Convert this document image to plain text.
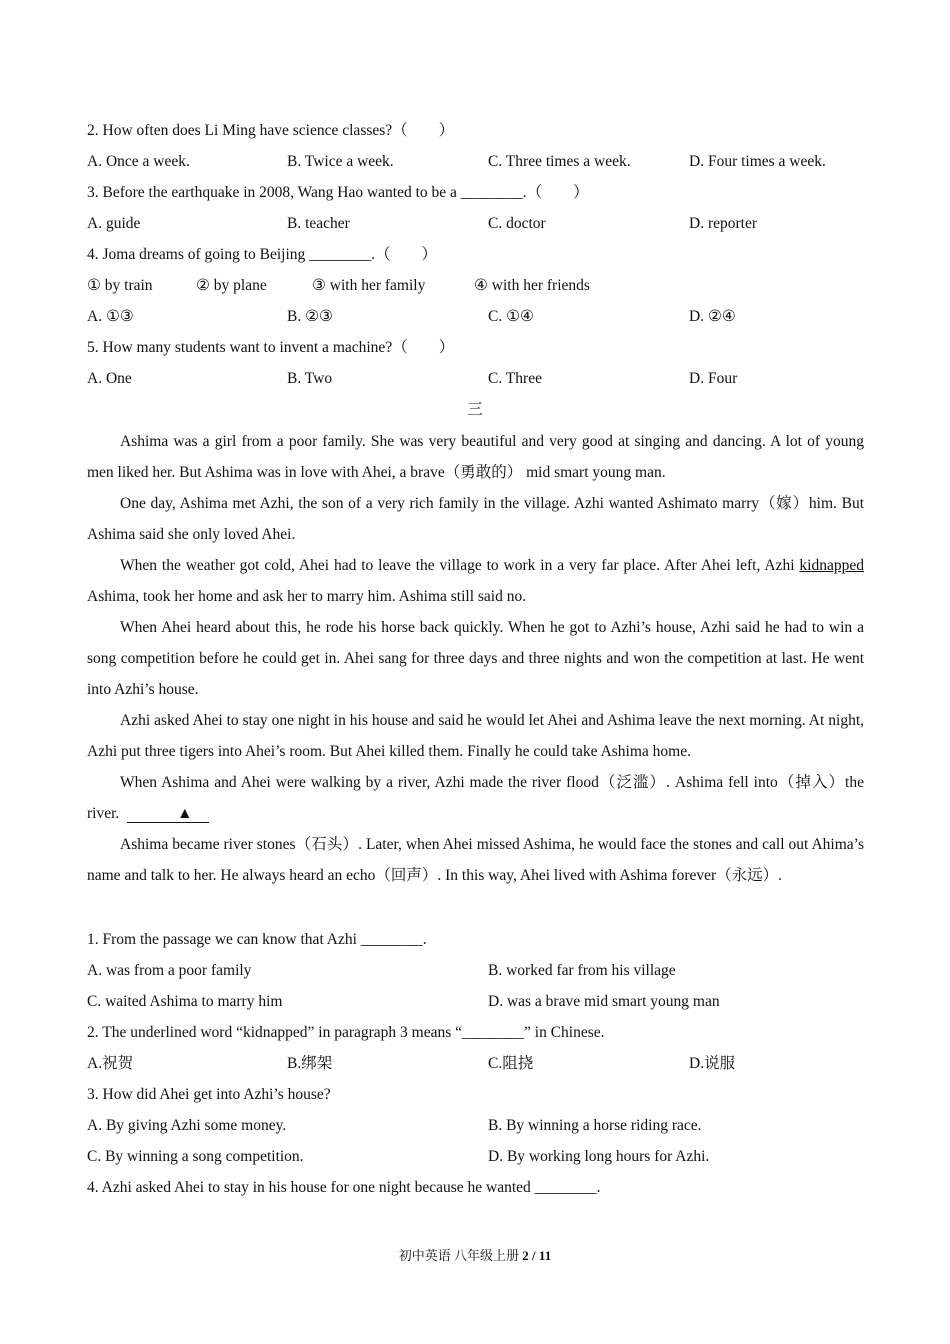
2. How often does Li Ming have science classes?（　　）
A. Once a week.	B. Twice a week.	C. Three times a week.	D. Four times a week.
3. Before the earthquake in 2008, Wang Hao wanted to be a ________.（　　）
A. guide	B. teacher	C. doctor	D. reporter
4. Joma dreams of going to Beijing ________.（　　）
① by train	② by plane	③ with her family	④ with her friends
A. ①③	B. ②③	C. ①④	D. ②④
5. How many students want to invent a machine?（　　）
A. One	B. Two	C. Three	D. Four
三

Ashima was a girl from a poor family. She was very beautiful and very good at singing and dancing. A lot of young men liked her. But Ashima was in love with Ahei, a brave（勇敢的） mid smart young man.

One day, Ashima met Azhi, the son of a very rich family in the village. Azhi wanted Ashimato marry（嫁）him. But Ashima said she only loved Ahei.

When the weather got cold, Ahei had to leave the village to work in a very far place. After Ahei left, Azhi kidnapped Ashima, took her home and ask her to marry him. Ashima still said no.

When Ahei heard about this, he rode his horse back quickly. When he got to Azhi’s house, Azhi said he had to win a song competition before he could get in. Ahei sang for three days and three nights and won the competition at last. He went into Azhi’s house.

Azhi asked Ahei to stay one night in his house and said he would let Ahei and Ashima leave the next morning. At night, Azhi put three tigers into Ahei’s room. But Ahei killed them. Finally he could take Ashima home.

When Ashima and Ahei were walking by a river, Azhi made the river flood（泛滥）. Ashima fell into（掉入）the river.	▲

Ashima became river stones（石头）. Later, when Ahei missed Ashima, he would face the stones and call out Ahima’s name and talk to her. He always heard an echo（回声）. In this way, Ahei lived with Ashima forever（永远）.

1. From the passage we can know that Azhi ________.
A. was from a poor family	B. worked far from his village
C. waited Ashima to marry him	D. was a brave mid smart young man
2. The underlined word “kidnapped” in paragraph 3 means “________” in Chinese.
A.祝贺	B.绑架	C.阻挠	D.说服
3. How did Ahei get into Azhi’s house?
A. By giving Azhi some money.	B. By winning a horse riding race.
C. By winning a song competition.	D. By working long hours for Azhi.
4. Azhi asked Ahei to stay in his house for one night because he wanted ________.
初中英语 八年级上册 2 / 11
